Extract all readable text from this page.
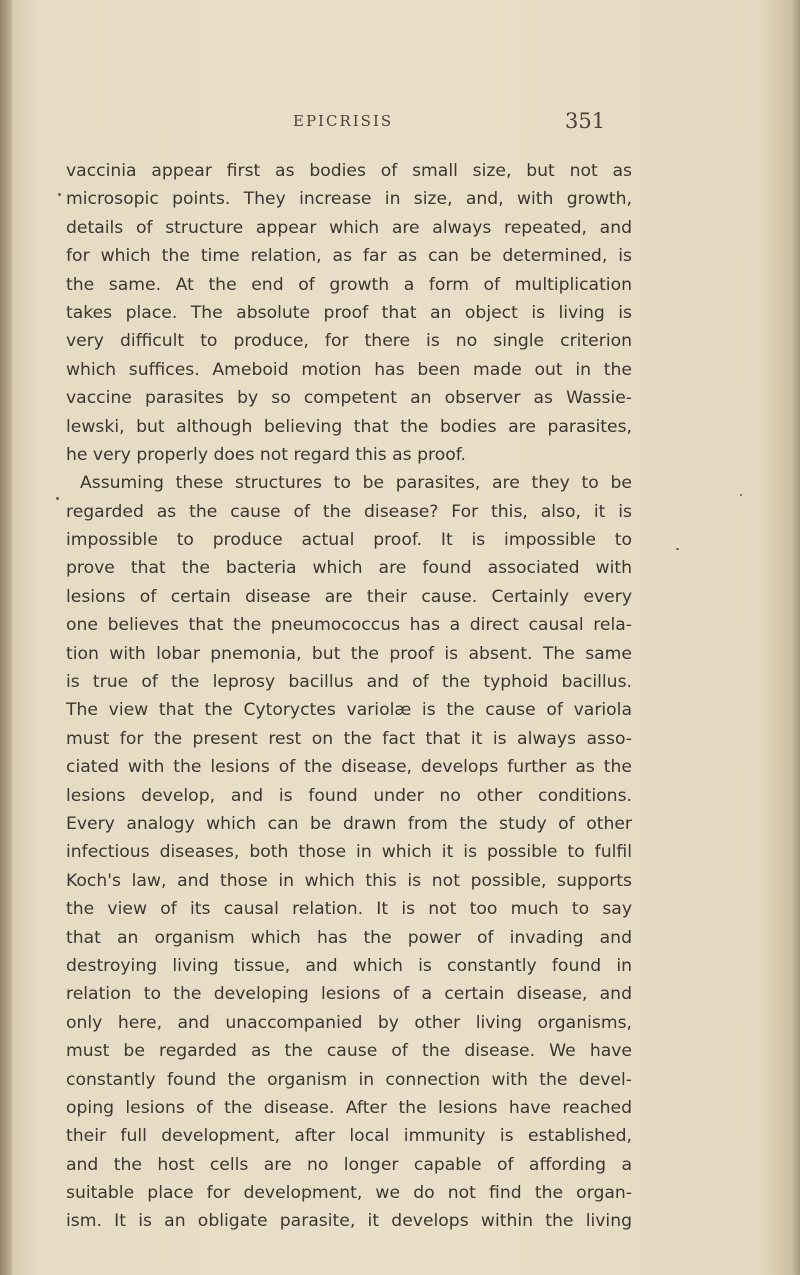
EPICRISIS	351
vaccinia appear first as bodies of small size, but not as
microsopic points. They increase in size, and, with growth,
details of structure appear which are always repeated, and
for which the time relation, as far as can be determined, is
the same. At the end of growth a form of multiplication
takes place. The absolute proof that an object is living is
very difficult to produce, for there is no single criterion
which suffices. Ameboid motion has been made out in the
vaccine parasites by so competent an observer as Wassie-
lewski, but although believing that the bodies are parasites,
he very properly does not regard this as proof.
Assuming these structures to be parasites, are they to be
regarded as the cause of the disease? For this, also, it is
impossible to produce actual proof. It is impossible to
prove that the bacteria which are found associated with
lesions of certain disease are their cause. Certainly every
one believes that the pneumococcus has a direct causal rela-
tion with lobar pnemonia, but the proof is absent. The same
is true of the leprosy bacillus and of the typhoid bacillus.
The view that the Cytoryctes variolæ is the cause of variola
must for the present rest on the fact that it is always asso-
ciated with the lesions of the disease, develops further as the
lesions develop, and is found under no other conditions.
Every analogy which can be drawn from the study of other
infectious diseases, both those in which it is possible to fulfil
Koch's law, and those in which this is not possible, supports
the view of its causal relation. It is not too much to say
that an organism which has the power of invading and
destroying living tissue, and which is constantly found in
relation to the developing lesions of a certain disease, and
only here, and unaccompanied by other living organisms,
must be regarded as the cause of the disease. We have
constantly found the organism in connection with the devel-
oping lesions of the disease. After the lesions have reached
their full development, after local immunity is established,
and the host cells are no longer capable of affording a
suitable place for development, we do not find the organ-
ism. It is an obligate parasite, it develops within the living
